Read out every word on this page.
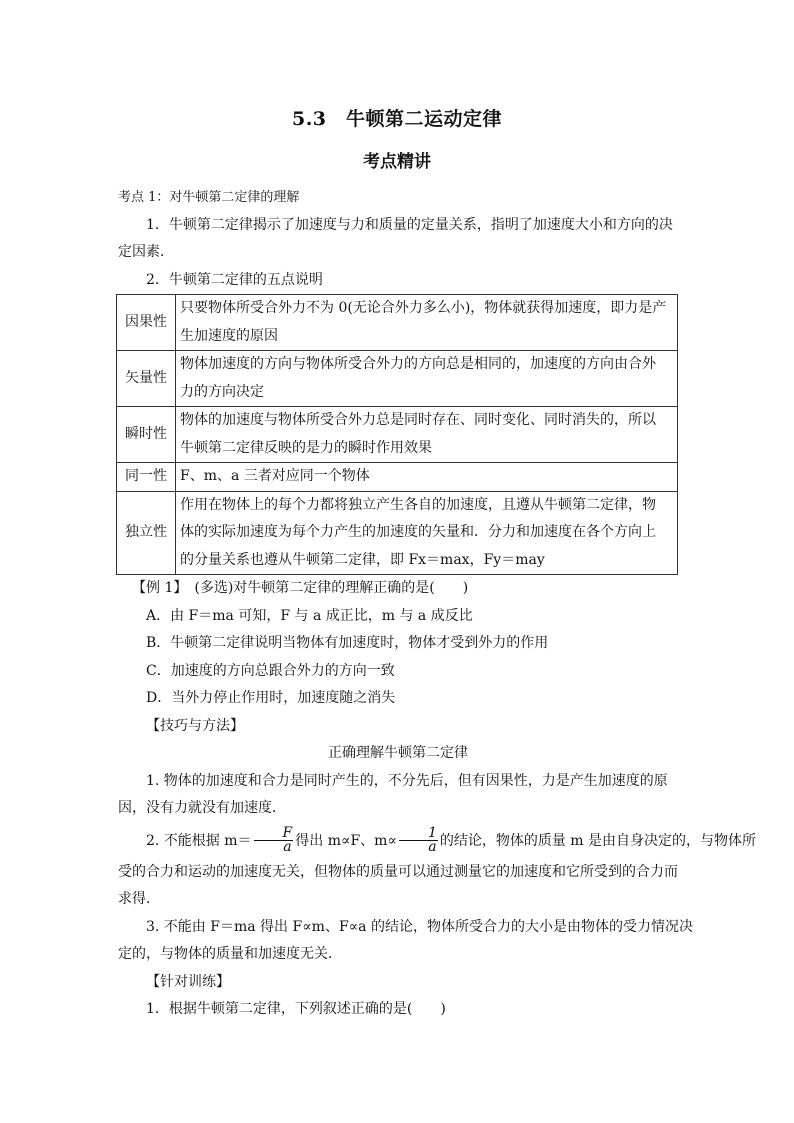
5.3　牛顿第二运动定律
考点精讲

考点 1：对牛顿第二定律的理解

1．牛顿第二定律揭示了加速度与力和质量的定量关系，指明了加速度大小和方向的决

定因素．

2．牛顿第二定律的五点说明

因果性	只要物体所受合外力不为 0(无论合外力多么小)，物体就获得加速度，即力是产
生加速度的原因

矢量性	物体加速度的方向与物体所受合外力的方向总是相同的，加速度的方向由合外
力的方向决定

瞬时性	物体的加速度与物体所受合外力总是同时存在、同时变化、同时消失的，所以
牛顿第二定律反映的是力的瞬时作用效果

同一性	F、m、a 三者对应同一个物体

独立性	作用在物体上的每个力都将独立产生各自的加速度，且遵从牛顿第二定律，物
体的实际加速度为每个力产生的加速度的矢量和．分力和加速度在各个方向上
的分量关系也遵从牛顿第二定律，即 Fx＝max，Fy＝may

【例 1】　(多选)对牛顿第二定律的理解正确的是(　　)

A．由 F＝ma 可知，F 与 a 成正比，m 与 a 成反比

B．牛顿第二定律说明当物体有加速度时，物体才受到外力的作用

C．加速度的方向总跟合外力的方向一致

D．当外力停止作用时，加速度随之消失

【技巧与方法】

正确理解牛顿第二定律

1. 物体的加速度和合力是同时产生的，不分先后，但有因果性，力是产生加速度的原

因，没有力就没有加速度．

2. 不能根据 $m= \frac{F}{a}$ 得出 m∝F、$m\propto \frac{1}{a}$ 的结论，物体的质量 m 是由自身决定的，与物体所

受的合力和运动的加速度无关，但物体的质量可以通过测量它的加速度和它所受到的合力而

求得．

3. 不能由 F＝ma 得出 F∝m、F∝a 的结论，物体所受合力的大小是由物体的受力情况决

定的，与物体的质量和加速度无关．

【针对训练】

1．根据牛顿第二定律，下列叙述正确的是(　　)
